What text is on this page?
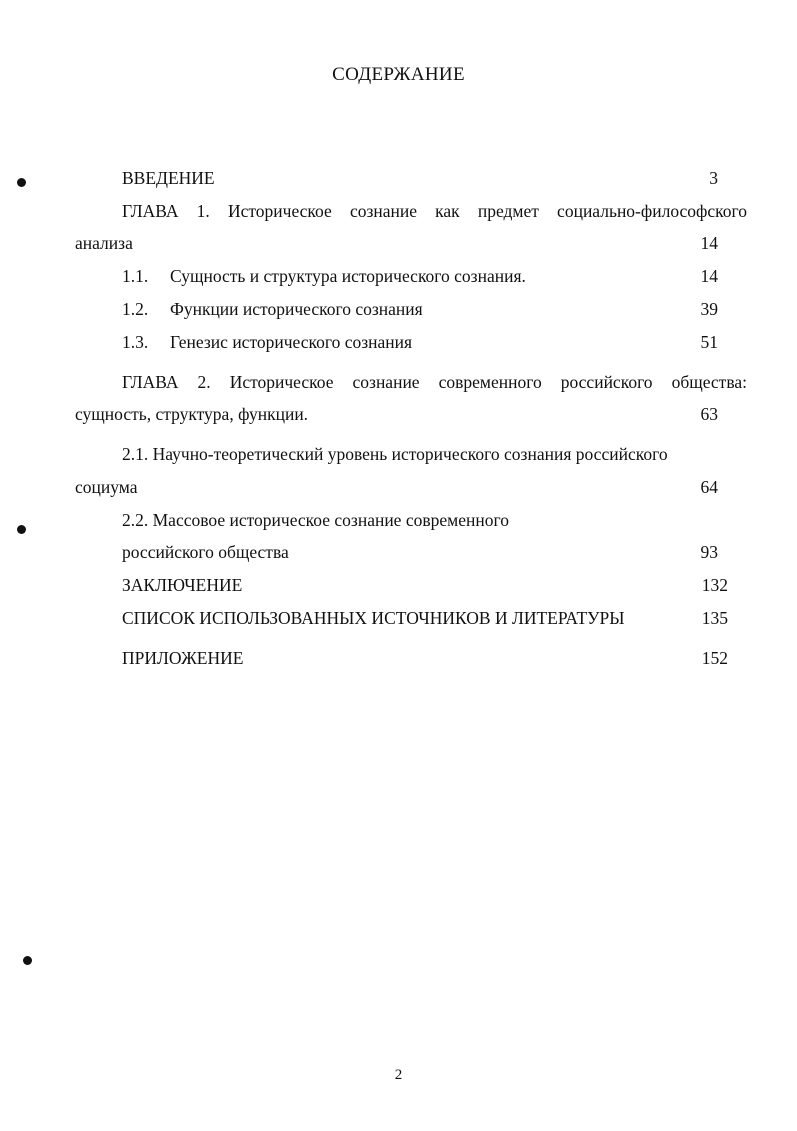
СОДЕРЖАНИЕ
ВВЕДЕНИЕ	3
ГЛАВА 1. Историческое сознание как предмет социально-философского
анализа	14
1.1. Сущность и структура исторического сознания.	14
1.2. Функции исторического сознания	39
1.3. Генезис исторического сознания	51
ГЛАВА 2. Историческое сознание современного российского общества:
сущность, структура, функции.	63
2.1. Научно-теоретический уровень исторического сознания российского
социума	64
2.2. Массовое историческое сознание современного
российского общества	93
ЗАКЛЮЧЕНИЕ	132
СПИСОК ИСПОЛЬЗОВАННЫХ ИСТОЧНИКОВ И ЛИТЕРАТУРЫ	135
ПРИЛОЖЕНИЕ	152
2
